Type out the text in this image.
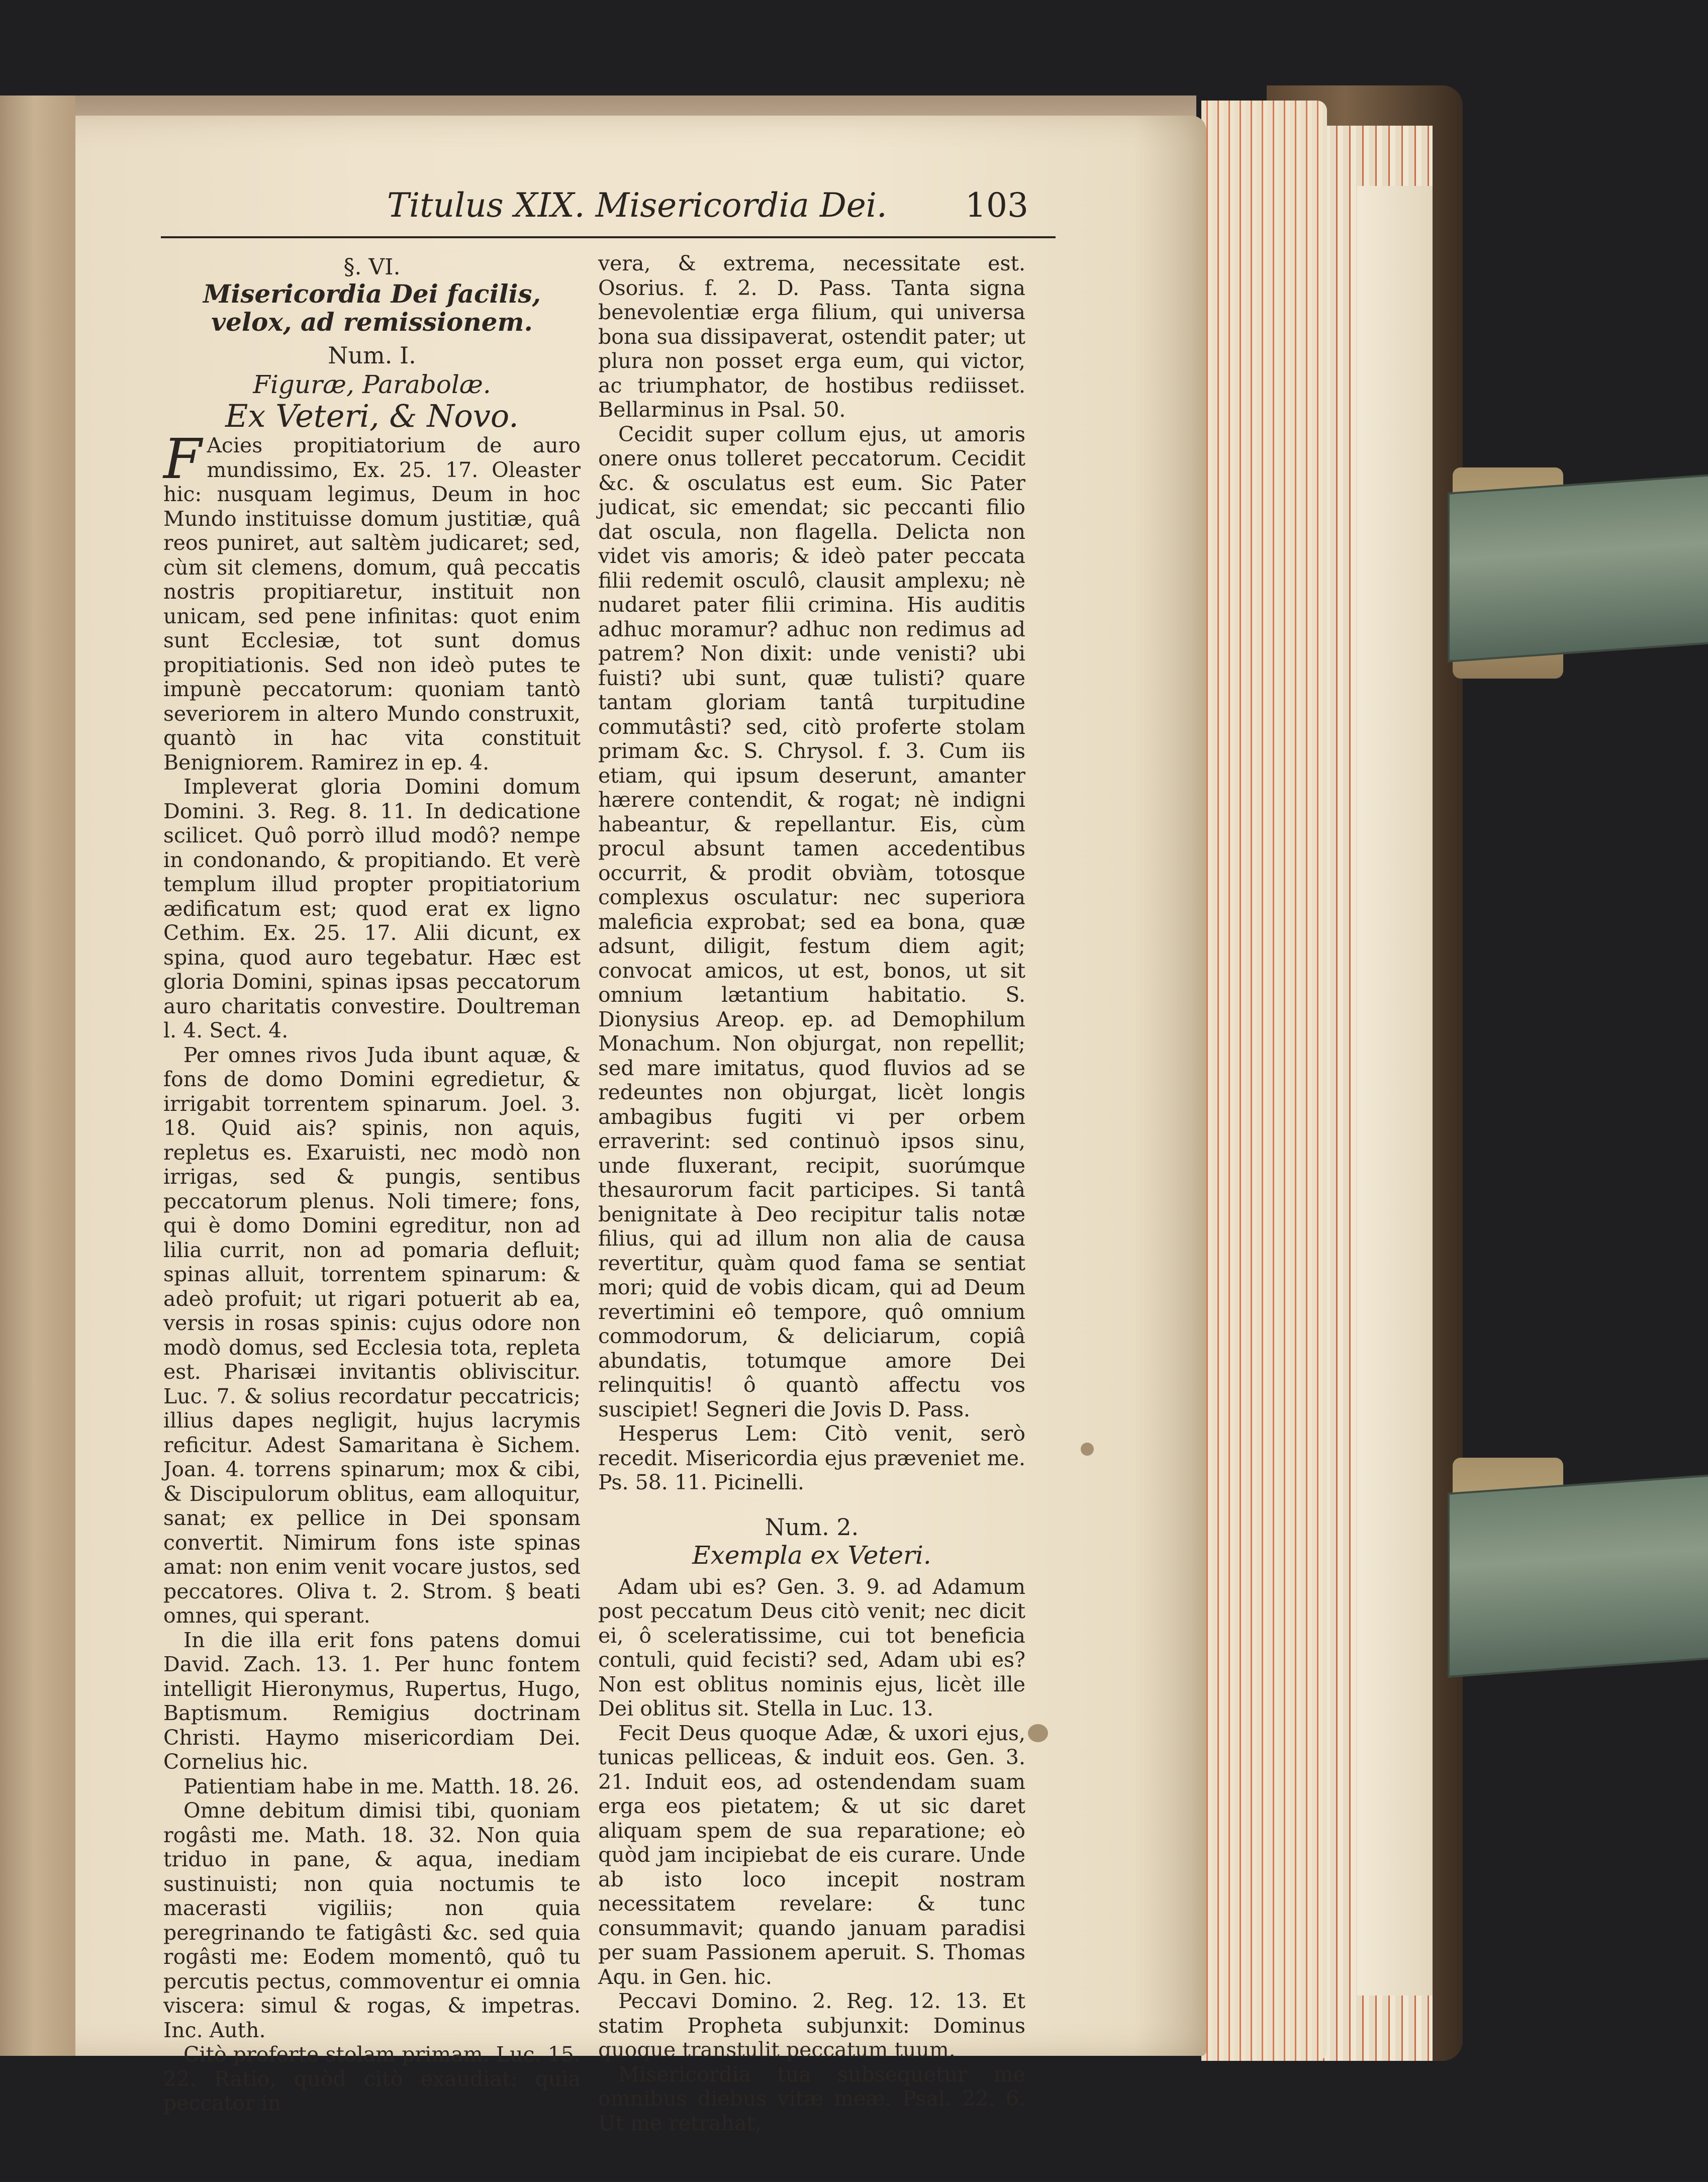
Titulus XIX. Misericordia Dei. 103
§. VI.
Misericordia Dei facilis, velox, ad remissionem.
Num. I.
Figuræ, Parabolæ.
Ex Veteri, & Novo.

F Acies propitiatorium de auro mundissimo, Ex. 25. 17. Oleaster hic: nusquam legimus, Deum in hoc Mundo instituisse domum justitiæ, quâ reos puniret, aut saltèm judicaret; sed, cùm sit clemens, domum, quâ peccatis nostris propitiaretur, instituit non unicam, sed pene infinitas: quot enim sunt Ecclesiæ, tot sunt domus propitiationis. Sed non ideò putes te impunè peccatorum: quoniam tantò severiorem in altero Mundo construxit, quantò in hac vita constituit Benigniorem. Ramirez in ep. 4.

Impleverat gloria Domini domum Domini. 3. Reg. 8. 11. In dedicatione scilicet. Quô porrò illud modô? nempe in condonando, & propitiando. Et verè templum illud propter propitiatorium ædificatum est; quod erat ex ligno Cethim. Ex. 25. 17. Alii dicunt, ex spina, quod auro tegebatur. Hæc est gloria Domini, spinas ipsas peccatorum auro charitatis convestire. Doultreman l. 4. Sect. 4.

Per omnes rivos Juda ibunt aquæ, & fons de domo Domini egredietur, & irrigabit torrentem spinarum. Joel. 3. 18. Quid ais? spinis, non aquis, repletus es. Exaruisti, nec modò non irrigas, sed & pungis, sentibus peccatorum plenus. Noli timere; fons, qui è domo Domini egreditur, non ad lilia currit, non ad pomaria defluit; spinas alluit, torrentem spinarum: & adeò profuit; ut rigari potuerit ab ea, versis in rosas spinis: cujus odore non modò domus, sed Ecclesia tota, repleta est. Pharisæi invitantis obliviscitur. Luc. 7. & solius recordatur peccatricis; illius dapes negligit, hujus lacrymis reficitur. Adest Samaritana è Sichem. Joan. 4. torrens spinarum; mox & cibi, & Discipulorum oblitus, eam alloquitur, sanat; ex pellice in Dei sponsam convertit. Nimirum fons iste spinas amat: non enim venit vocare justos, sed peccatores. Oliva t. 2. Strom. § beati omnes, qui sperant.

In die illa erit fons patens domui David. Zach. 13. 1. Per hunc fontem intelligit Hieronymus, Rupertus, Hugo, Baptismum. Remigius doctrinam Christi. Haymo misericordiam Dei. Cornelius hic.

Patientiam habe in me. Matth. 18. 26.

Omne debitum dimisi tibi, quoniam rogâsti me. Math. 18. 32. Non quia triduo in pane, & aqua, inediam sustinuisti; non quia noctumis te macerasti vigiliis; non quia peregrinando te fatigâsti &c. sed quia rogâsti me: Eodem momentô, quô tu percutis pectus, commoventur ei omnia viscera: simul & rogas, & impetras. Inc. Auth.

Citò proferte stolam primam. Luc. 15. 22. Ratio, quòd citò exaudiat: quia peccator in

vera, & extrema, necessitate est. Osorius. f. 2. D. Pass. Tanta signa benevolentiæ erga filium, qui universa bona sua dissipaverat, ostendit pater; ut plura non posset erga eum, qui victor, ac triumphator, de hostibus rediisset. Bellarminus in Psal. 50.

Cecidit super collum ejus, ut amoris onere onus tolleret peccatorum. Cecidit &c. & osculatus est eum. Sic Pater judicat, sic emendat; sic peccanti filio dat oscula, non flagella. Delicta non videt vis amoris; & ideò pater peccata filii redemit osculô, clausit amplexu; nè nudaret pater filii crimina. His auditis adhuc moramur? adhuc non redimus ad patrem? Non dixit: unde venisti? ubi fuisti? ubi sunt, quæ tulisti? quare tantam gloriam tantâ turpitudine commutâsti? sed, citò proferte stolam primam &c. S. Chrysol. f. 3. Cum iis etiam, qui ipsum deserunt, amanter hærere contendit, & rogat; nè indigni habeantur, & repellantur. Eis, cùm procul absunt tamen accedentibus occurrit, & prodit obviàm, totosque complexus osculatur: nec superiora maleficia exprobat; sed ea bona, quæ adsunt, diligit, festum diem agit; convocat amicos, ut est, bonos, ut sit omnium lætantium habitatio. S. Dionysius Areop. ep. ad Demophilum Monachum. Non objurgat, non repellit; sed mare imitatus, quod fluvios ad se redeuntes non objurgat, licèt longis ambagibus fugiti vi per orbem erraverint: sed continuò ipsos sinu, unde fluxerant, recipit, suorúmque thesaurorum facit participes. Si tantâ benignitate à Deo recipitur talis notæ filius, qui ad illum non alia de causa revertitur, quàm quod fama se sentiat mori; quid de vobis dicam, qui ad Deum revertimini eô tempore, quô omnium commodorum, & deliciarum, copiâ abundatis, totumque amore Dei relinquitis! ô quantò affectu vos suscipiet! Segneri die Jovis D. Pass.

Hesperus Lem: Citò venit, serò recedit. Misericordia ejus præveniet me. Ps. 58. 11. Picinelli.

Num. 2.
Exempla ex Veteri.

Adam ubi es? Gen. 3. 9. ad Adamum post peccatum Deus citò venit; nec dicit ei, ô sceleratissime, cui tot beneficia contuli, quid fecisti? sed, Adam ubi es? Non est oblitus nominis ejus, licèt ille Dei oblitus sit. Stella in Luc. 13.

Fecit Deus quoque Adæ, & uxori ejus, tunicas pelliceas, & induit eos. Gen. 3. 21. Induit eos, ad ostendendam suam erga eos pietatem; & ut sic daret aliquam spem de sua reparatione; eò quòd jam incipiebat de eis curare. Unde ab isto loco incepit nostram necessitatem revelare: & tunc consummavit; quando januam paradisi per suam Passionem aperuit. S. Thomas Aqu. in Gen. hic.

Peccavi Domino. 2. Reg. 12. 13. Et statim Propheta subjunxit: Dominus quoque transtulit peccatum tuum.

Misericordia tua subsequetur me omnibus diebus vitæ meæ. Psal. 22. 6. Ut me retrahat,
